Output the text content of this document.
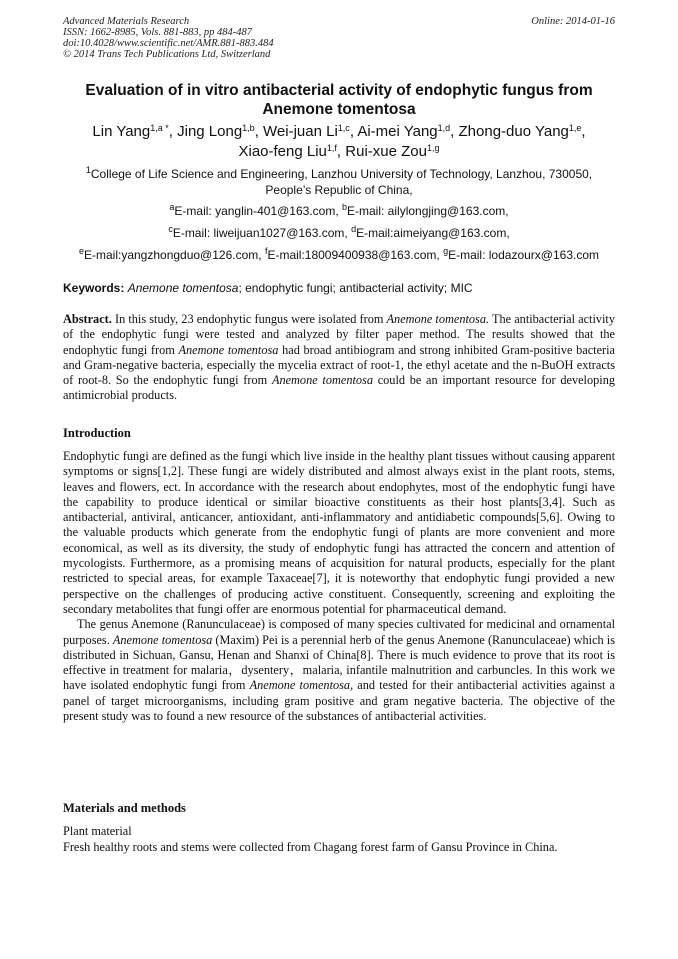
Advanced Materials Research
ISSN: 1662-8985, Vols. 881-883, pp 484-487
doi:10.4028/www.scientific.net/AMR.881-883.484
© 2014 Trans Tech Publications Ltd, Switzerland
Online: 2014-01-16
Evaluation of in vitro antibacterial activity of endophytic fungus from
Anemone tomentosa
Lin Yang$^{1,a *}$, Jing Long$^{1,b}$, Wei-juan Li$^{1,c}$, Ai-mei Yang$^{1,d}$, Zhong-duo Yang$^{1,e}$,
Xiao-feng Liu$^{1,f}$, Rui-xue Zou$^{1,g}$
$^1$College of Life Science and Engineering, Lanzhou University of Technology, Lanzhou, 730050,
People’s Republic of China,
$^a$E-mail: yanglin-401@163.com, $^b$E-mail: ailylongjing@163.com,
$^c$E-mail: liweijuan1027@163.com, $^d$E-mail:aimeiyang@163.com,
$^e$E-mail:yangzhongduo@126.com, $^f$E-mail:18009400938@163.com, $^g$E-mail: lodazourx@163.com
Keywords: Anemone tomentosa; endophytic fungi; antibacterial activity; MIC

Abstract. In this study, 23 endophytic fungus were isolated from Anemone tomentosa. The antibacterial activity of the endophytic fungi were tested and analyzed by filter paper method. The results showed that the endophytic fungi from Anemone tomentosa had broad antibiogram and strong inhibited Gram-positive bacteria and Gram-negative bacteria, especially the mycelia extract of root-1, the ethyl acetate and the n-BuOH extracts of root-8. So the endophytic fungi from Anemone tomentosa could be an important resource for developing antimicrobial products.

Introduction

Endophytic fungi are defined as the fungi which live inside in the healthy plant tissues without causing apparent symptoms or signs[1,2]. These fungi are widely distributed and almost always exist in the plant roots, stems, leaves and flowers, ect. In accordance with the research about endophytes, most of the endophytic fungi have the capability to produce identical or similar bioactive constituents as their host plants[3,4]. Such as antibacterial, antiviral, anticancer, antioxidant, anti-inflammatory and antidiabetic compounds[5,6]. Owing to the valuable products which generate from the endophytic fungi of plants are more convenient and more economical, as well as its diversity, the study of endophytic fungi has attracted the concern and attention of mycologists. Furthermore, as a promising means of acquisition for natural products, especially for the plant restricted to special areas, for example Taxaceae[7], it is noteworthy that endophytic fungi provided a new perspective on the challenges of producing active constituent. Consequently, screening and exploiting the secondary metabolites that fungi offer are enormous potential for pharmaceutical demand.

The genus Anemone (Ranunculaceae) is composed of many species cultivated for medicinal and ornamental purposes. Anemone tomentosa (Maxim) Pei is a perennial herb of the genus Anemone (Ranunculaceae) which is distributed in Sichuan, Gansu, Henan and Shanxi of China[8]. There is much evidence to prove that its root is effective in treatment for malaria，dysentery，malaria, infantile malnutrition and carbuncles. In this work we have isolated endophytic fungi from Anemone tomentosa, and tested for their antibacterial activities against a panel of target microorganisms, including gram positive and gram negative bacteria. The objective of the present study was to found a new resource of the substances of antibacterial activities.

Materials and methods
Plant material
Fresh healthy roots and stems were collected from Chagang forest farm of Gansu Province in China.
